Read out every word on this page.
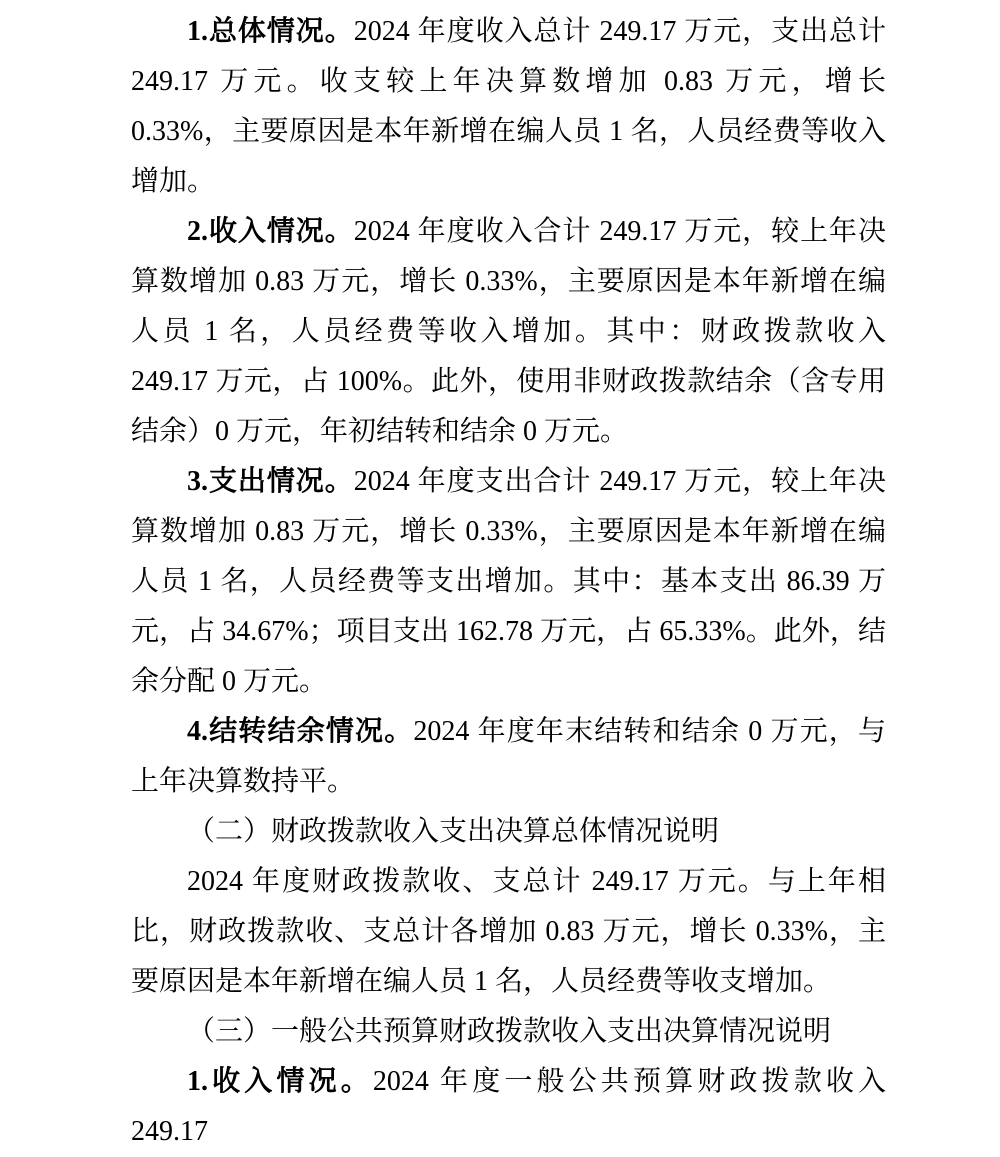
1.总体情况。2024 年度收入总计 249.17 万元，支出总计 249.17 万元。收支较上年决算数增加 0.83 万元，增长 0.33%，主要原因是本年新增在编人员 1 名，人员经费等收入增加。

2.收入情况。2024 年度收入合计 249.17 万元，较上年决算数增加 0.83 万元，增长 0.33%，主要原因是本年新增在编人员 1 名，人员经费等收入增加。其中：财政拨款收入 249.17 万元，占 100%。此外，使用非财政拨款结余（含专用结余）0 万元，年初结转和结余 0 万元。

3.支出情况。2024 年度支出合计 249.17 万元，较上年决算数增加 0.83 万元，增长 0.33%，主要原因是本年新增在编人员 1 名，人员经费等支出增加。其中：基本支出 86.39 万元，占 34.67%；项目支出 162.78 万元，占 65.33%。此外，结余分配 0 万元。

4.结转结余情况。2024 年度年末结转和结余 0 万元，与上年决算数持平。

（二）财政拨款收入支出决算总体情况说明

2024 年度财政拨款收、支总计 249.17 万元。与上年相比，财政拨款收、支总计各增加 0.83 万元，增长 0.33%，主要原因是本年新增在编人员 1 名，人员经费等收支增加。

（三）一般公共预算财政拨款收入支出决算情况说明

1.收入情况。2024 年度一般公共预算财政拨款收入 249.17
